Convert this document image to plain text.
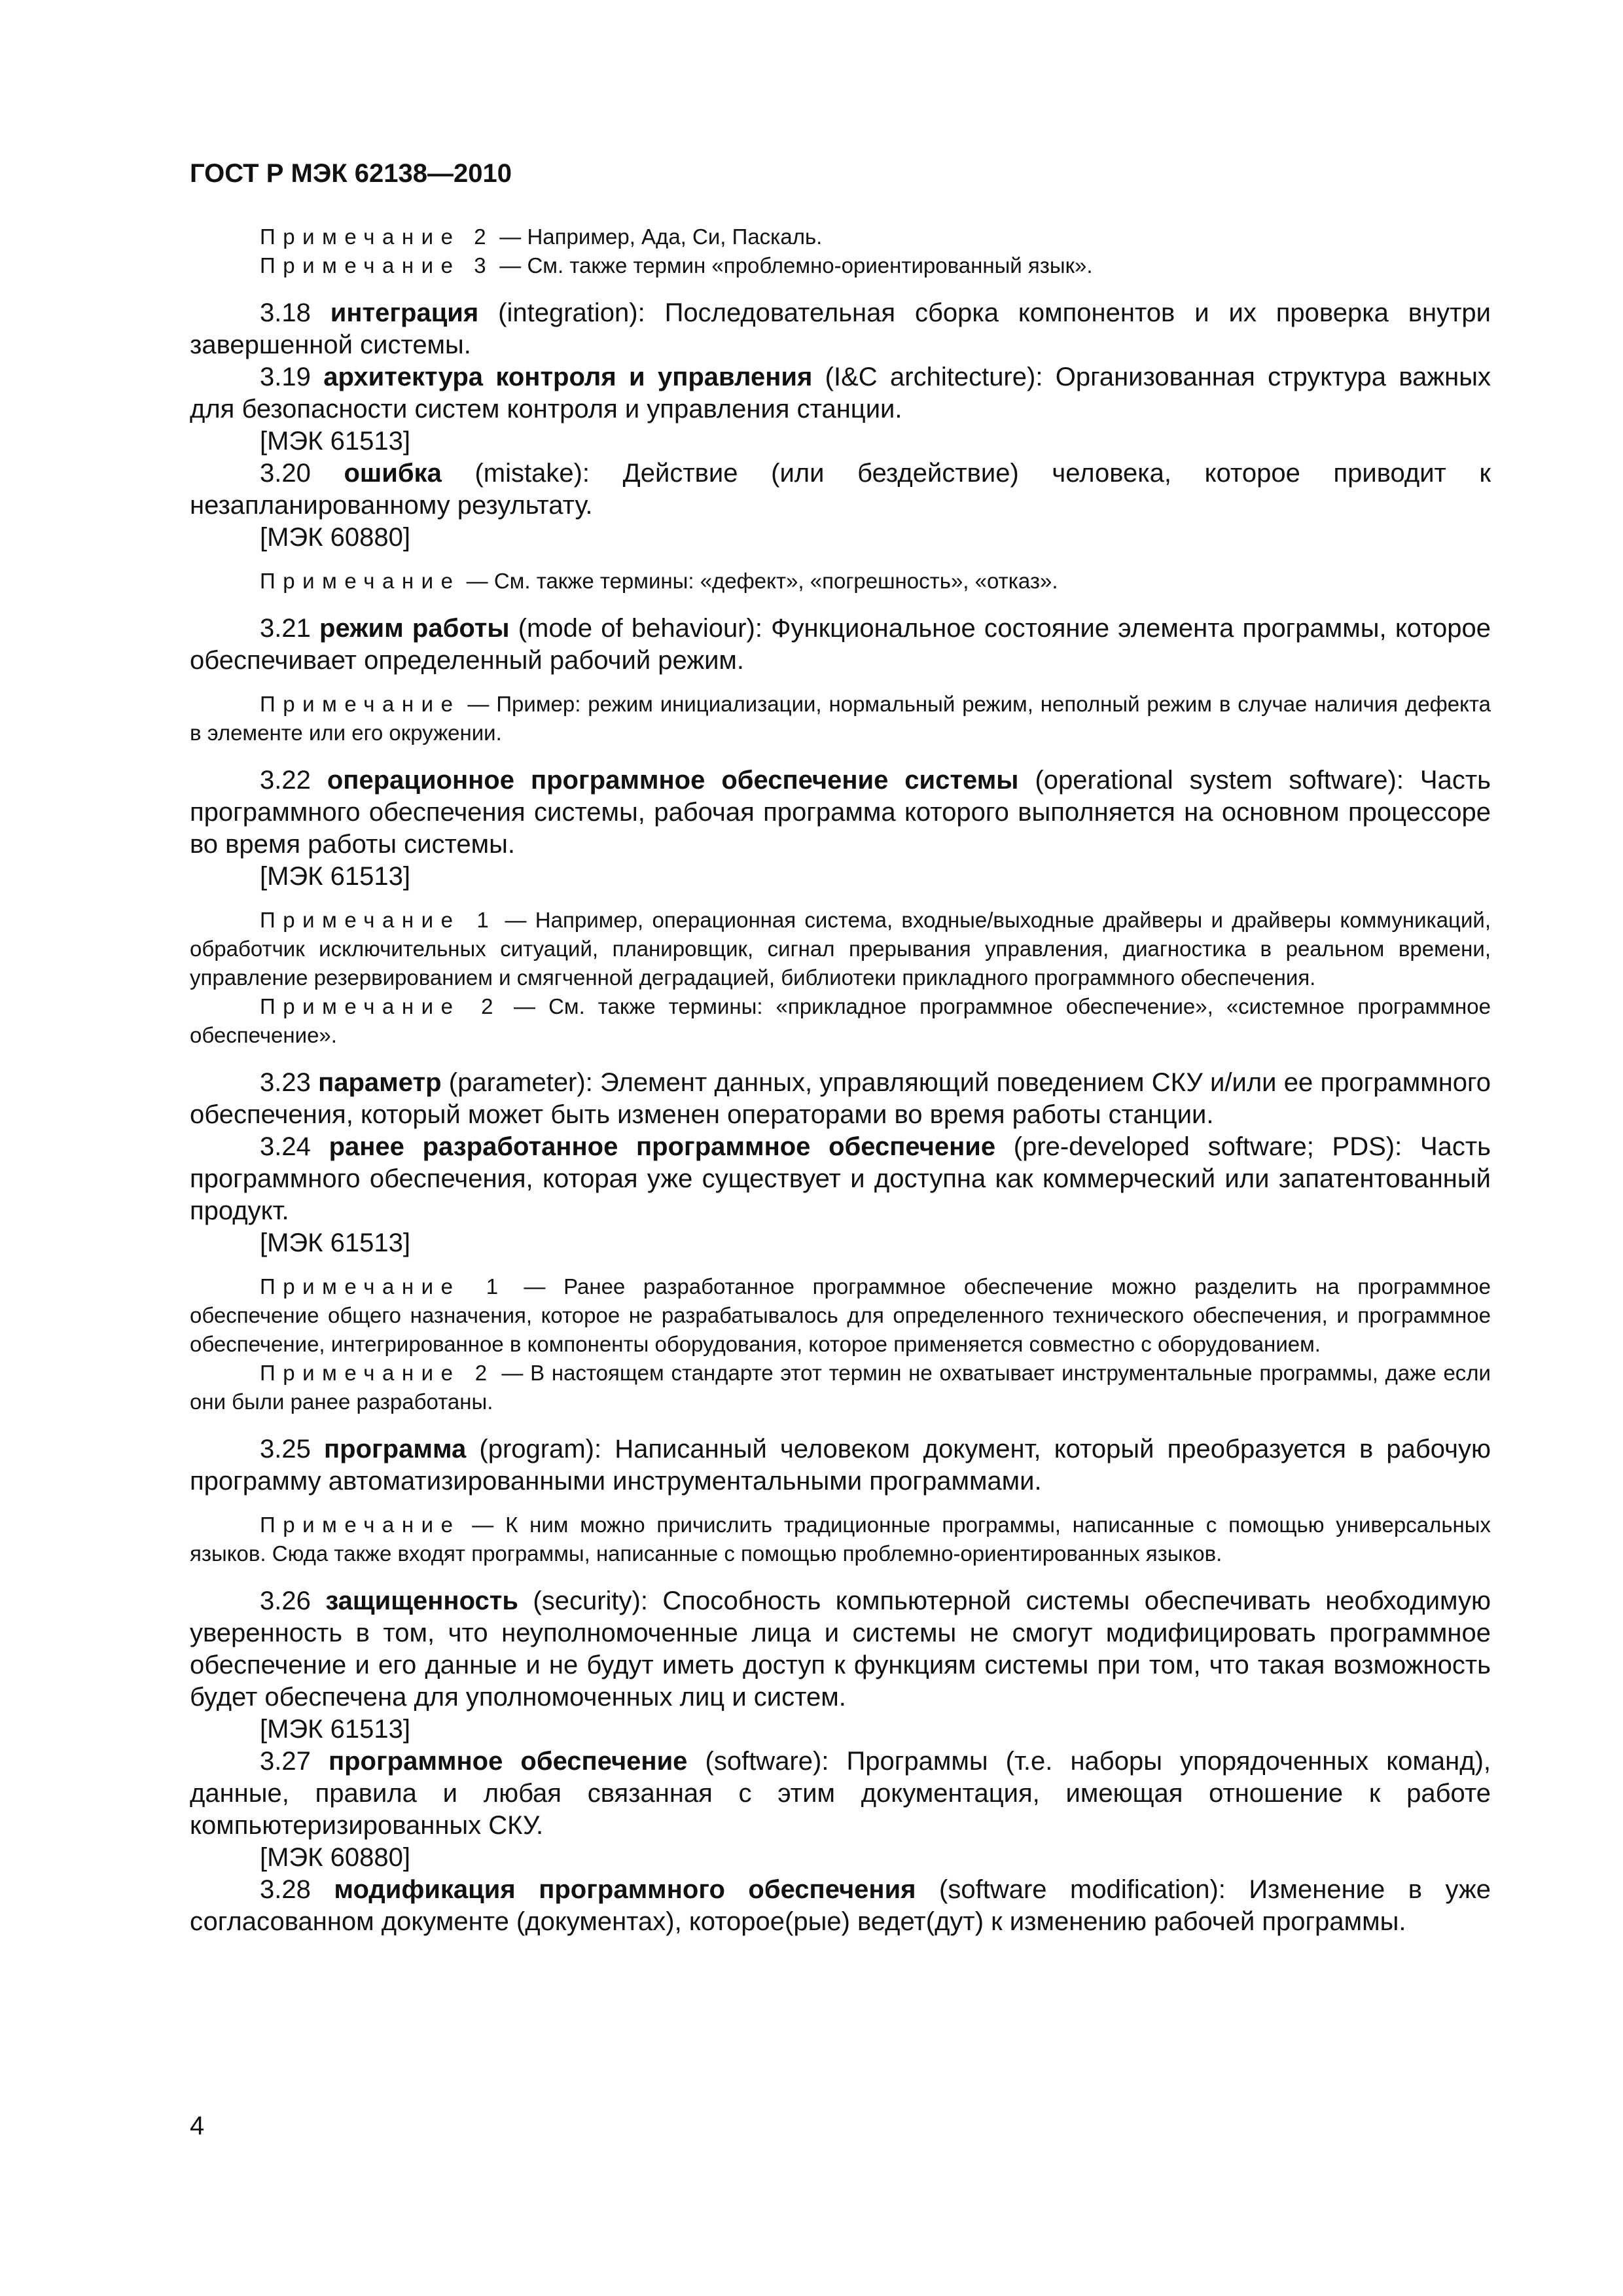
ГОСТ Р МЭК 62138—2010

Примечание 2 — Например, Ада, Си, Паскаль.

Примечание 3 — См. также термин «проблемно-ориентированный язык».

3.18 интеграция (integration): Последовательная сборка компонентов и их проверка внутри завершенной системы.

3.19 архитектура контроля и управления (I&C architecture): Организованная структура важных для безопасности систем контроля и управления станции.

[МЭК 61513]

3.20 ошибка (mistake): Действие (или бездействие) человека, которое приводит к незапланированному результату.

[МЭК 60880]

Примечание — См. также термины: «дефект», «погрешность», «отказ».

3.21 режим работы (mode of behaviour): Функциональное состояние элемента программы, которое обеспечивает определенный рабочий режим.

Примечание — Пример: режим инициализации, нормальный режим, неполный режим в случае наличия дефекта в элементе или его окружении.

3.22 операционное программное обеспечение системы (operational system software): Часть программного обеспечения системы, рабочая программа которого выполняется на основном процессоре во время работы системы.

[МЭК 61513]

Примечание 1 — Например, операционная система, входные/выходные драйверы и драйверы коммуникаций, обработчик исключительных ситуаций, планировщик, сигнал прерывания управления, диагностика в реальном времени, управление резервированием и смягченной деградацией, библиотеки прикладного программного обеспечения.

Примечание 2 — См. также термины: «прикладное программное обеспечение», «системное программное обеспечение».

3.23 параметр (parameter): Элемент данных, управляющий поведением СКУ и/или ее программного обеспечения, который может быть изменен операторами во время работы станции.

3.24 ранее разработанное программное обеспечение (pre-developed software; PDS): Часть программного обеспечения, которая уже существует и доступна как коммерческий или запатентованный продукт.

[МЭК 61513]

Примечание 1 — Ранее разработанное программное обеспечение можно разделить на программное обеспечение общего назначения, которое не разрабатывалось для определенного технического обеспечения, и программное обеспечение, интегрированное в компоненты оборудования, которое применяется совместно с оборудованием.

Примечание 2 — В настоящем стандарте этот термин не охватывает инструментальные программы, даже если они были ранее разработаны.

3.25 программа (program): Написанный человеком документ, который преобразуется в рабочую программу автоматизированными инструментальными программами.

Примечание — К ним можно причислить традиционные программы, написанные с помощью универсальных языков. Сюда также входят программы, написанные с помощью проблемно-ориентированных языков.

3.26 защищенность (security): Способность компьютерной системы обеспечивать необходимую уверенность в том, что неуполномоченные лица и системы не смогут модифицировать программное обеспечение и его данные и не будут иметь доступ к функциям системы при том, что такая возможность будет обеспечена для уполномоченных лиц и систем.

[МЭК 61513]

3.27 программное обеспечение (software): Программы (т.е. наборы упорядоченных команд), данные, правила и любая связанная с этим документация, имеющая отношение к работе компьютеризированных СКУ.

[МЭК 60880]

3.28 модификация программного обеспечения (software modification): Изменение в уже согласованном документе (документах), которое(рые) ведет(дут) к изменению рабочей программы.

4
